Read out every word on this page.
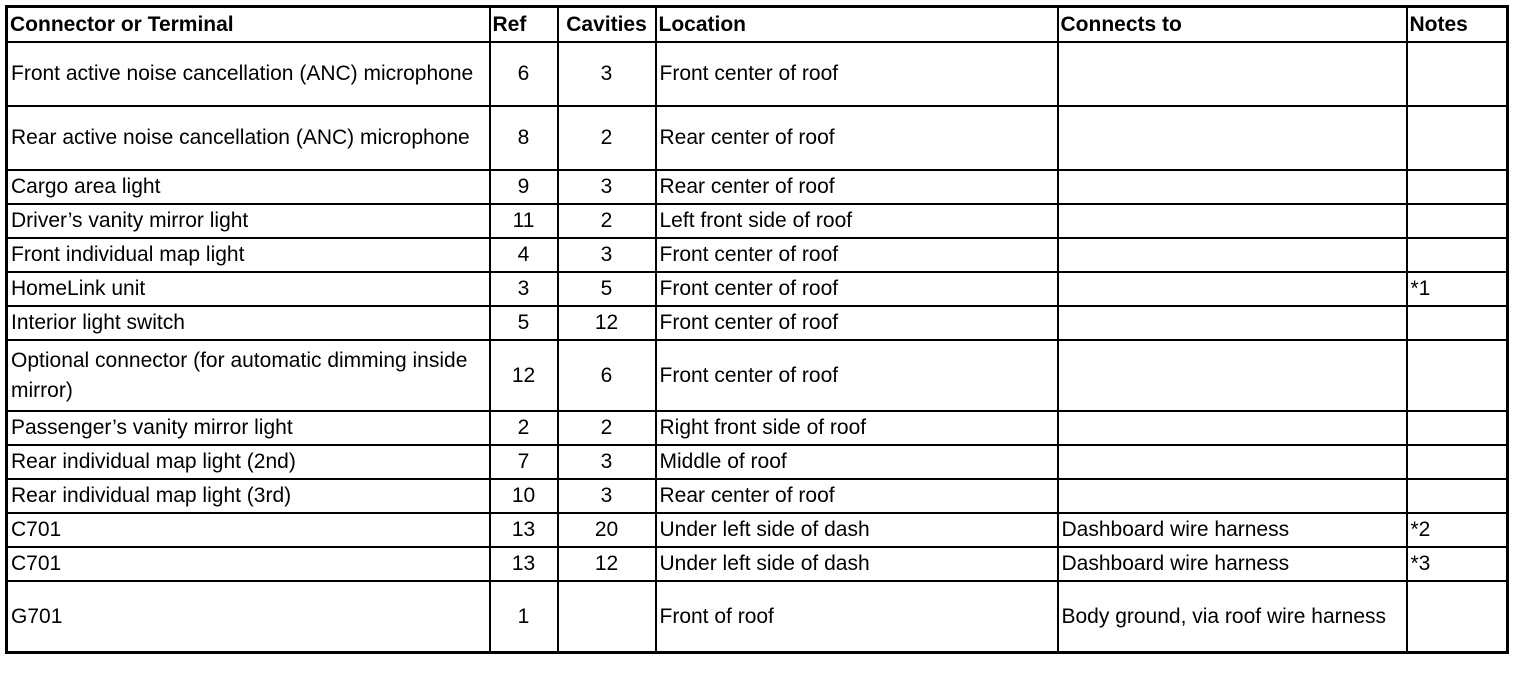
Connector or Terminal	Ref	Cavities	Location	Connects to	Notes
Front active noise cancellation (ANC) microphone	6	3	Front center of roof		
Rear active noise cancellation (ANC) microphone	8	2	Rear center of roof		
Cargo area light	9	3	Rear center of roof		
Driver’s vanity mirror light	11	2	Left front side of roof		
Front individual map light	4	3	Front center of roof		
HomeLink unit	3	5	Front center of roof		*1
Interior light switch	5	12	Front center of roof		
Optional connector (for automatic dimming inside mirror)	12	6	Front center of roof		
Passenger’s vanity mirror light	2	2	Right front side of roof		
Rear individual map light (2nd)	7	3	Middle of roof		
Rear individual map light (3rd)	10	3	Rear center of roof		
C701	13	20	Under left side of dash	Dashboard wire harness	*2
C701	13	12	Under left side of dash	Dashboard wire harness	*3
G701	1		Front of roof	Body ground, via roof wire harness	
